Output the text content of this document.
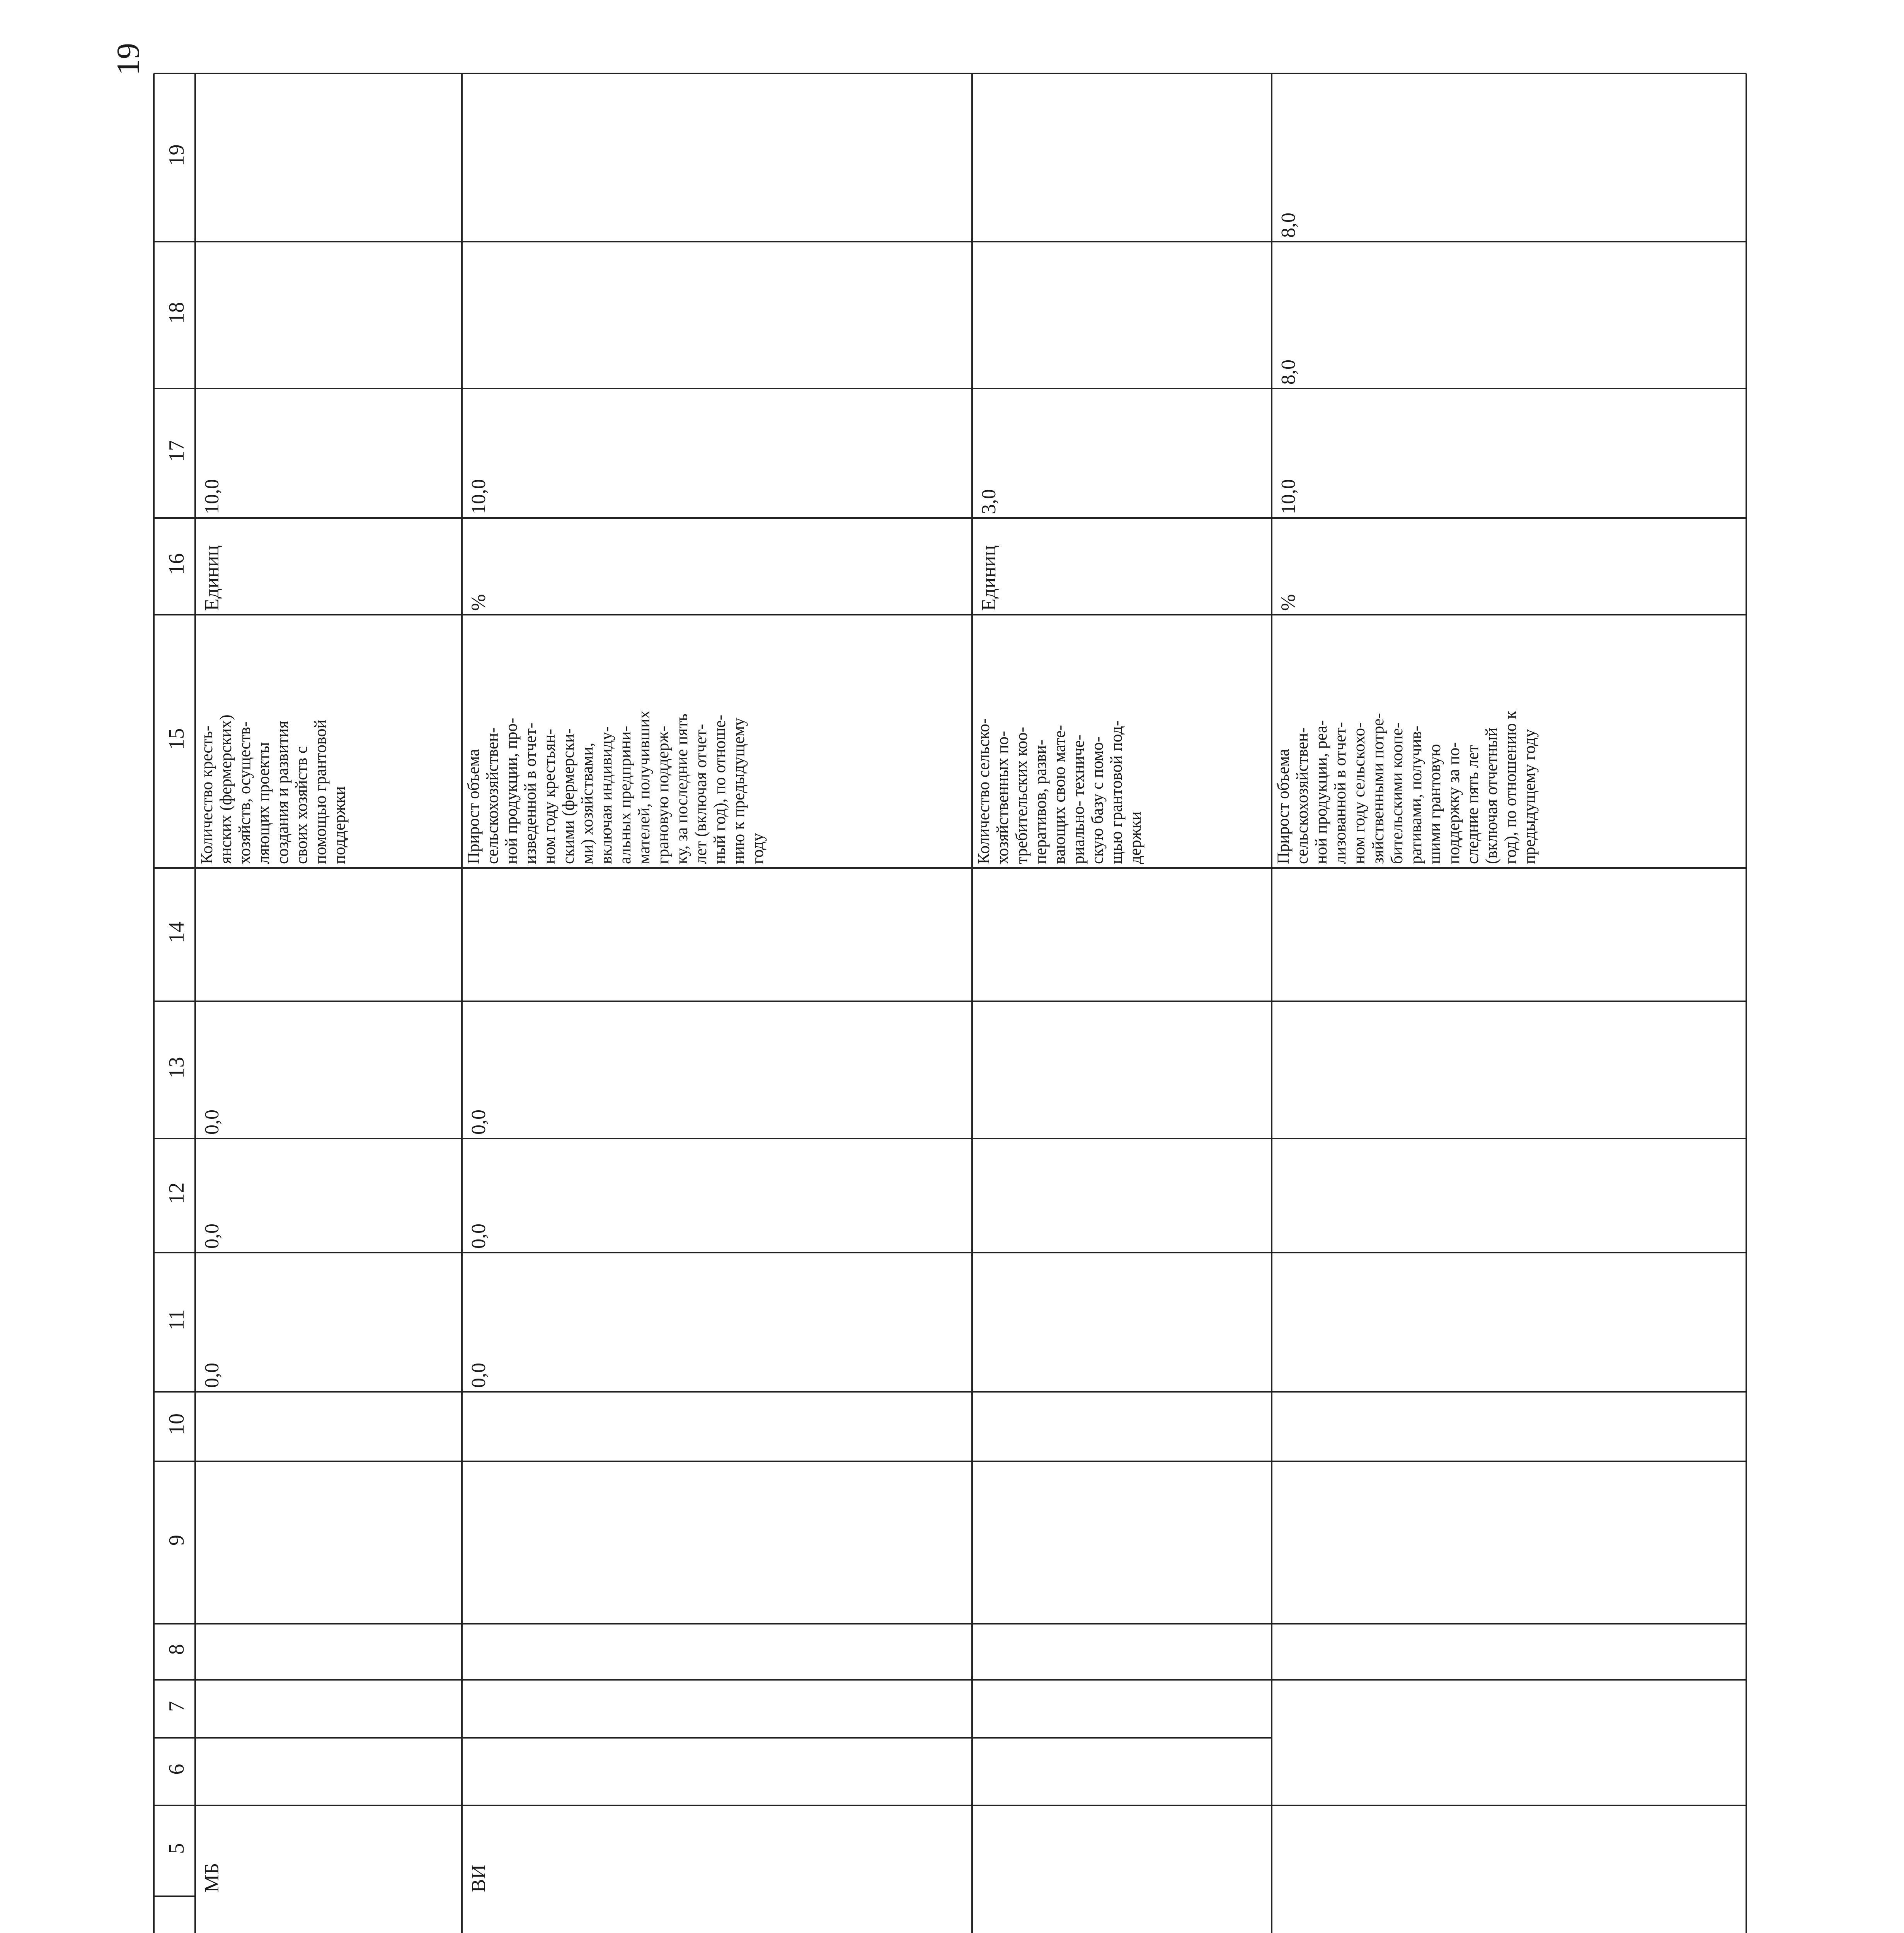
19
19
18
17
16
15
14
13
12
11
10
9
8
7
6
5
МБ
0,0
0,0
0,0
Количество кресть-
янских (фермерских)
хозяйств, осуществ-
ляющих проекты
создания и развития
своих хозяйств с
помощью грантовой
поддержки
Единиц
10,0
ВИ
0,0
0,0
0,0
Прирост объема
сельскохозяйствен-
ной продукции, про-
изведенной в отчет-
ном году крестьян-
скими (фермерски-
ми) хозяйствами,
включая индивиду-
альных предприни-
мателей, получивших
грановую поддерж-
ку, за последние пять
лет (включая отчет-
ный год), по отноше-
нию к предыдущему
году
%
10,0
Количество сельско-
хозяйственных по-
требительских коо-
перативов, разви-
вающих свою мате-
риально- техниче-
скую базу с помо-
щью грантовой под-
держки
Единиц
3,0
Прирост объема
сельскохозяйствен-
ной продукции, реа-
лизованной в отчет-
ном году сельскохо-
зяйственными потре-
бительскими коопе-
ративами, получив-
шими грантовую
поддержку за по-
следние пять лет
(включая отчетный
год), по отношению к
предыдущему году
%
10,0
8,0
8,0
